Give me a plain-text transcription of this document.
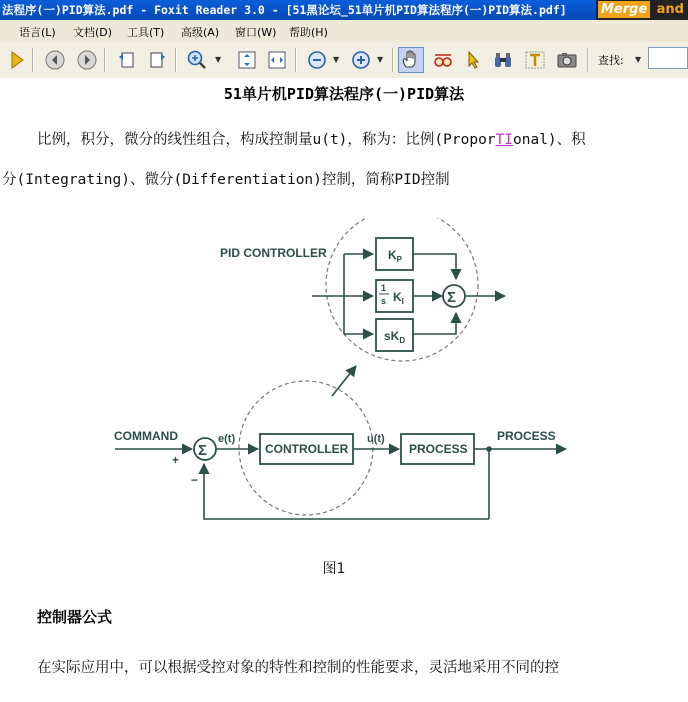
法程序(一)PID算法.pdf - Foxit Reader 3.0 - [51黑论坛_51单片机PID算法程序(一)PID算法.pdf]	Merge and
语言(L) 文档(D) 工具(T) 高级(A) 窗口(W) 帮助(H)
▼	▼	▼	查找: ▼
51单片机PID算法程序(一)PID算法
比例，积分，微分的线性组合，构成控制量u(t)，称为：比例(ProporTIonal)、积
分(Integrating)、微分(Differentiation)控制，简称PID控制
PID CONTROLLER	$K_P$
1
s $K_I$
$sK_D$
Σ
Σ
COMMAND
+
−
e(t)
CONTROLLER
u(t)
PROCESS
PROCESS
图1
控制器公式
在实际应用中，可以根据受控对象的特性和控制的性能要求，灵活地采用不同的控
